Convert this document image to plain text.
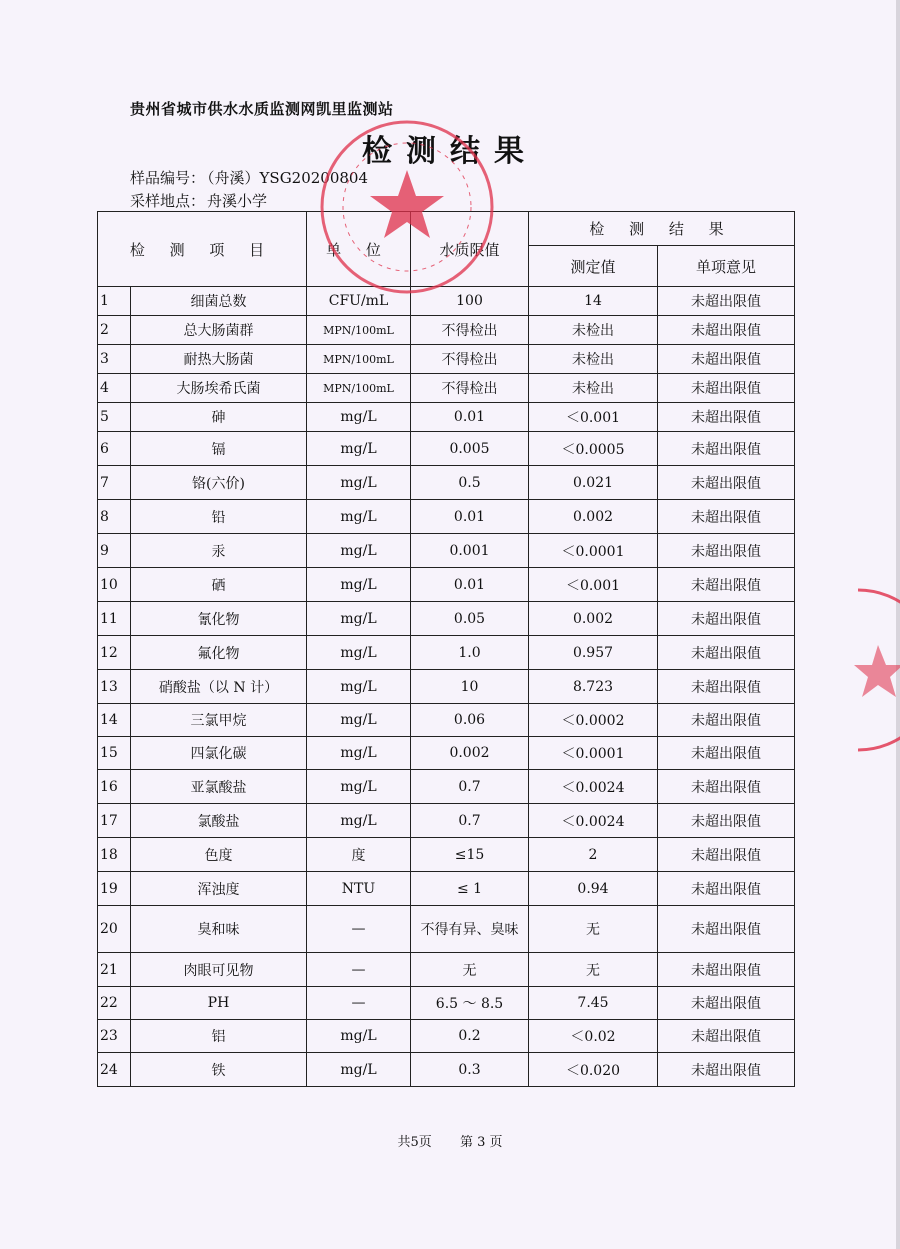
贵州省城市供水水质监测网凯里监测站
检测结果
样品编号： （舟溪）YSG20200804
采样地点： 舟溪小学
检 测 项 目		单 位	水质限值	检 测 结 果	
				测定值	单项意见
1	细菌总数	CFU/mL	100	14	未超出限值
2	总大肠菌群	MPN/100mL	不得检出	未检出	未超出限值
3	耐热大肠菌	MPN/100mL	不得检出	未检出	未超出限值
4	大肠埃希氏菌	MPN/100mL	不得检出	未检出	未超出限值
5	砷	mg/L	0.01	＜0.001	未超出限值
6	镉	mg/L	0.005	＜0.0005	未超出限值
7	铬(六价)	mg/L	0.5	0.021	未超出限值
8	铅	mg/L	0.01	0.002	未超出限值
9	汞	mg/L	0.001	＜0.0001	未超出限值
10	硒	mg/L	0.01	＜0.001	未超出限值
11	氰化物	mg/L	0.05	0.002	未超出限值
12	氟化物	mg/L	1.0	0.957	未超出限值
13	硝酸盐（以 N 计）	mg/L	10	8.723	未超出限值
14	三氯甲烷	mg/L	0.06	＜0.0002	未超出限值
15	四氯化碳	mg/L	0.002	＜0.0001	未超出限值
16	亚氯酸盐	mg/L	0.7	＜0.0024	未超出限值
17	氯酸盐	mg/L	0.7	＜0.0024	未超出限值
18	色度	度	≤15	2	未超出限值
19	浑浊度	NTU	≤ 1	0.94	未超出限值
20	臭和味	—	不得有异、臭味	无	未超出限值
21	肉眼可见物	—	无	无	未超出限值
22	PH	—	6.5 ～ 8.5	7.45	未超出限值
23	铝	mg/L	0.2	＜0.02	未超出限值
24	铁	mg/L	0.3	＜0.020	未超出限值
共5页 第 3 页
